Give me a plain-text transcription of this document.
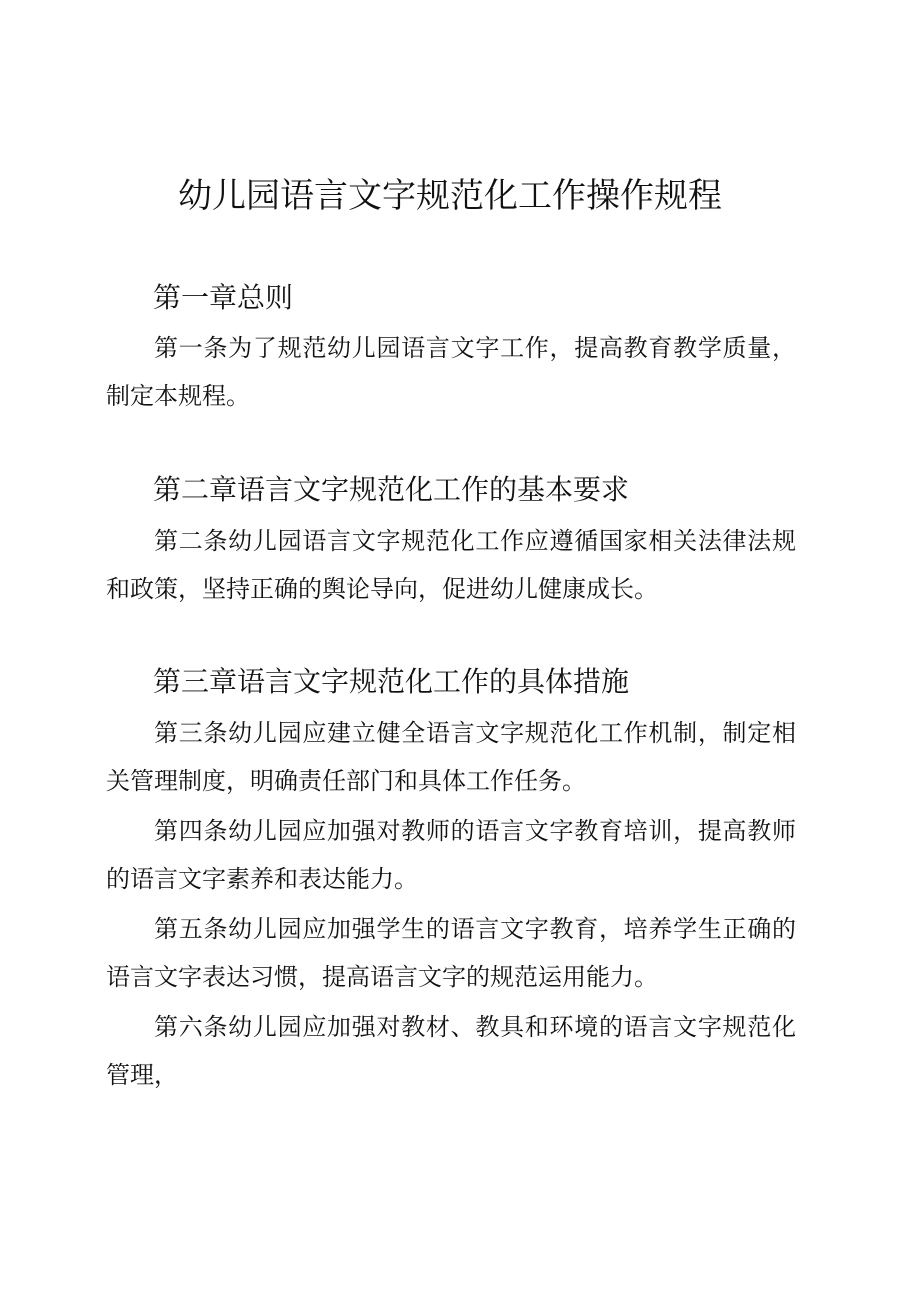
幼儿园语言文字规范化工作操作规程
第一章总则
第一条为了规范幼儿园语言文字工作，提高教育教学质量，制定本规程。
第二章语言文字规范化工作的基本要求
第二条幼儿园语言文字规范化工作应遵循国家相关法律法规和政策，坚持正确的舆论导向，促进幼儿健康成长。
第三章语言文字规范化工作的具体措施
第三条幼儿园应建立健全语言文字规范化工作机制，制定相关管理制度，明确责任部门和具体工作任务。
第四条幼儿园应加强对教师的语言文字教育培训，提高教师的语言文字素养和表达能力。
第五条幼儿园应加强学生的语言文字教育，培养学生正确的语言文字表达习惯，提高语言文字的规范运用能力。
第六条幼儿园应加强对教材、教具和环境的语言文字规范化管理，
